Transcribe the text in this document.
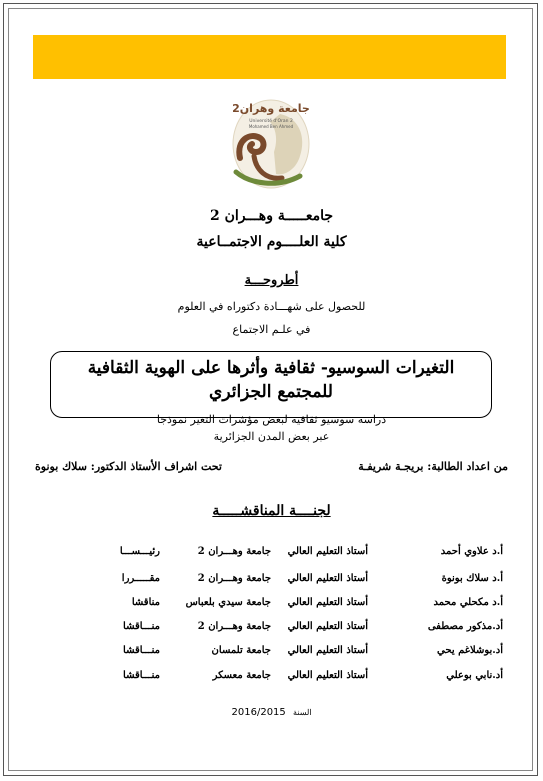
جامعة وهران2
Université d'Oran 2
Mohamed Ben Ahmed
جامعـــــة وهـــران 2
كلية العلــــوم الاجتمــاعية
أطروحـــة
للحصول على شهـــادة دكتوراه في العلوم
في علـم الاجتماع
التغيرات السوسيو- ثقافية وأثرها على الهوية الثقافية
للمجتمع الجزائري
دراسة سوسيو ثقافية لبعض مؤشرات التغير نموذجا
عبر بعض المدن الجزائرية
من اعداد الطالبة: بريجـة شريفـة
تحت اشراف الأستاذ الدكتور: سلاك بونوة
لجنــــة المناقشـــــة
أ.د علاوي أحمد
أستاذ التعليم العالي
جامعة وهـــران 2
رئيـــســـا
أ.د سلاك بونوة
أستاذ التعليم العالي
جامعة وهـــران 2
مقـــــررا
أ.د مكحلي محمد
أستاذ التعليم العالي
جامعة سيدي بلعباس
مناقشا
أد.مذكور مصطفى
أستاذ التعليم العالي
جامعة وهـــران 2
منـــاقشا
أد.بوشلاغم يحي
أستاذ التعليم العالي
جامعة تلمسان
منـــاقشا
أد.نابي بوعلي
أستاذ التعليم العالي
جامعة معسكر
منـــاقشا
السنة 2016/2015
